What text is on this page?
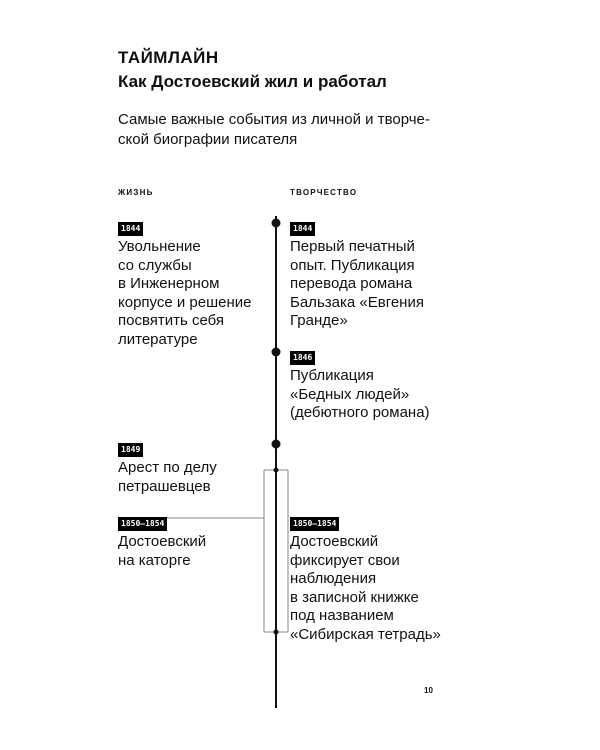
ТАЙМЛАЙН
Как Достоевский жил и работал
Самые важные события из личной и творче-
ской биографии писателя
ЖИЗНЬ	ТВОРЧЕСТВО
1844
Увольнение
со службы
в Инженерном
корпусе и решение
посвятить себя
литературе
1849
Арест по делу
петрашевцев
1850–1854
Достоевский
на каторге
1844
Первый печатный
опыт. Публикация
перевода романа
Бальзака «Евгения
Гранде»
1846
Публикация
«Бедных людей»
(дебютного романа)
1850–1854
Достоевский
фиксирует свои
наблюдения
в записной книжке
под названием
«Сибирская тетрадь»
10
